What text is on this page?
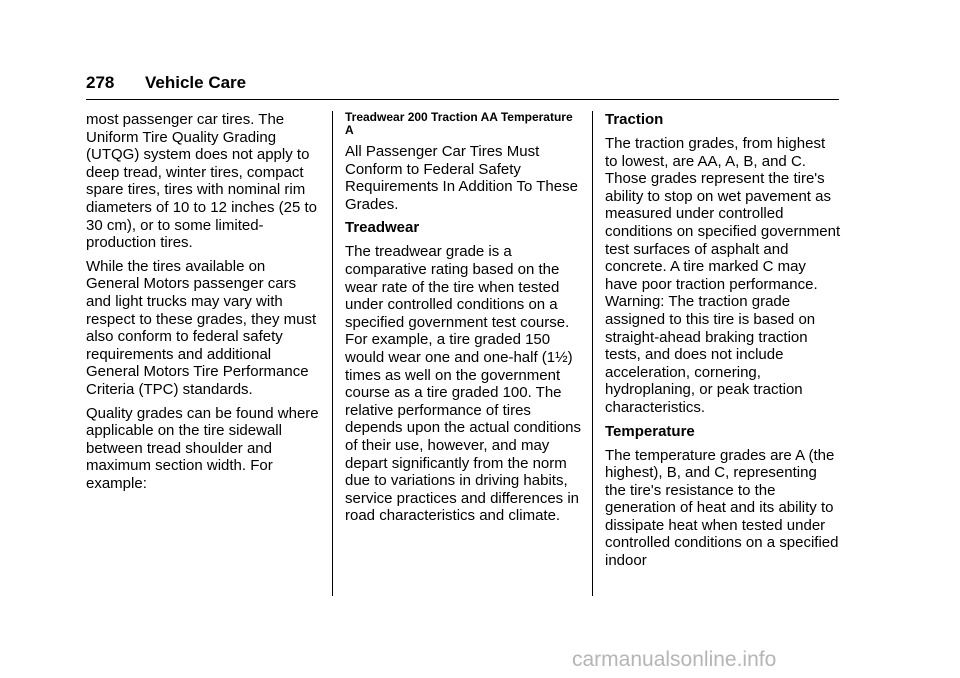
278 Vehicle Care

most passenger car tires. The Uniform Tire Quality Grading (UTQG) system does not apply to deep tread, winter tires, compact spare tires, tires with nominal rim diameters of 10 to 12 inches (25 to 30 cm), or to some limited-production tires.

While the tires available on General Motors passenger cars and light trucks may vary with respect to these grades, they must also conform to federal safety requirements and additional General Motors Tire Performance Criteria (TPC) standards.

Quality grades can be found where applicable on the tire sidewall between tread shoulder and maximum section width. For example:

Treadwear 200 Traction AA Temperature A

All Passenger Car Tires Must Conform to Federal Safety Requirements In Addition To These Grades.

Treadwear

The treadwear grade is a comparative rating based on the wear rate of the tire when tested under controlled conditions on a specified government test course. For example, a tire graded 150 would wear one and one-half (1½) times as well on the government course as a tire graded 100. The relative performance of tires depends upon the actual conditions of their use, however, and may depart significantly from the norm due to variations in driving habits, service practices and differences in road characteristics and climate.

Traction

The traction grades, from highest to lowest, are AA, A, B, and C. Those grades represent the tire's ability to stop on wet pavement as measured under controlled conditions on specified government test surfaces of asphalt and concrete. A tire marked C may have poor traction performance. Warning: The traction grade assigned to this tire is based on straight-ahead braking traction tests, and does not include acceleration, cornering, hydroplaning, or peak traction characteristics.

Temperature

The temperature grades are A (the highest), B, and C, representing the tire's resistance to the generation of heat and its ability to dissipate heat when tested under controlled conditions on a specified indoor

carmanualsonline.info
